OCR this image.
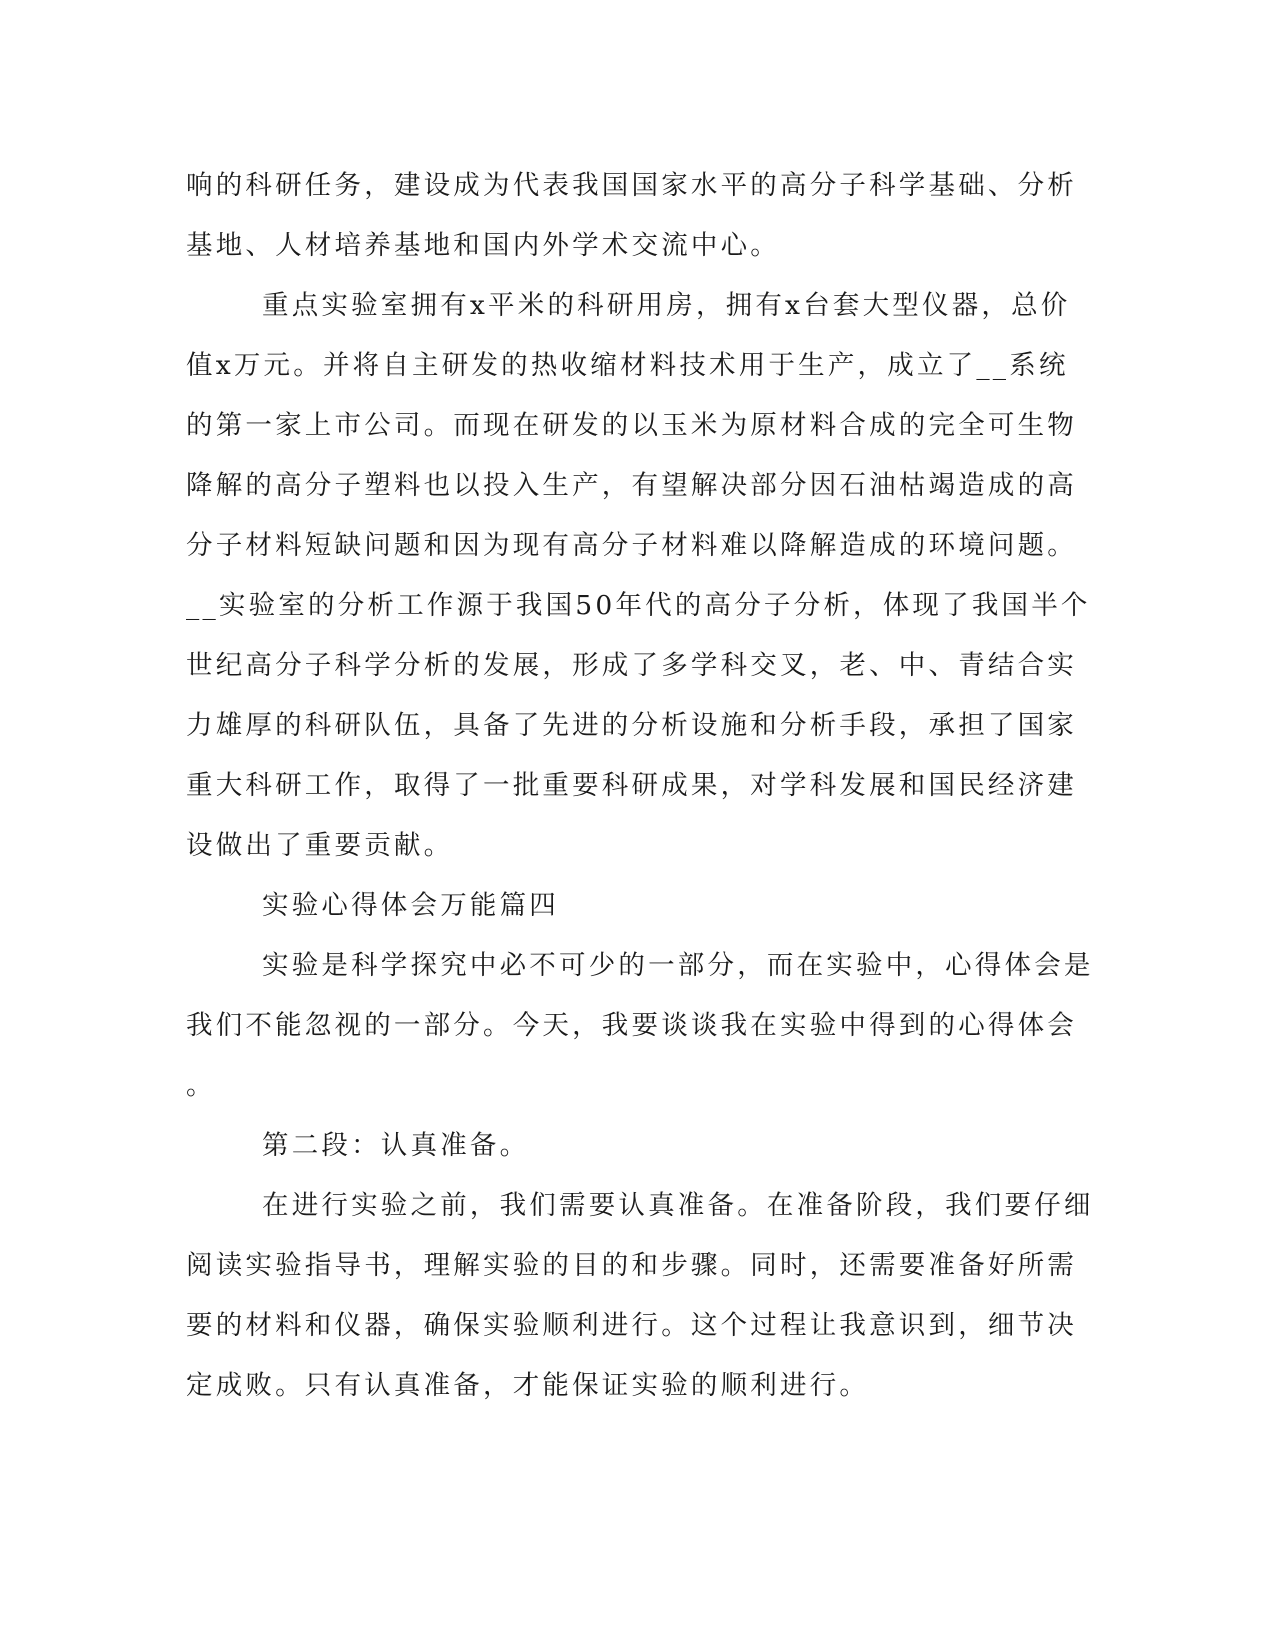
响的科研任务，建设成为代表我国国家水平的高分子科学基础、分析
基地、人材培养基地和国内外学术交流中心。
重点实验室拥有x平米的科研用房，拥有x台套大型仪器，总价
值x万元。并将自主研发的热收缩材料技术用于生产，成立了__系统
的第一家上市公司。而现在研发的以玉米为原材料合成的完全可生物
降解的高分子塑料也以投入生产，有望解决部分因石油枯竭造成的高
分子材料短缺问题和因为现有高分子材料难以降解造成的环境问题。
__实验室的分析工作源于我国50年代的高分子分析，体现了我国半个
世纪高分子科学分析的发展，形成了多学科交叉，老、中、青结合实
力雄厚的科研队伍，具备了先进的分析设施和分析手段，承担了国家
重大科研工作，取得了一批重要科研成果，对学科发展和国民经济建
设做出了重要贡献。
实验心得体会万能篇四
实验是科学探究中必不可少的一部分，而在实验中，心得体会是
我们不能忽视的一部分。今天，我要谈谈我在实验中得到的心得体会
。
第二段：认真准备。
在进行实验之前，我们需要认真准备。在准备阶段，我们要仔细
阅读实验指导书，理解实验的目的和步骤。同时，还需要准备好所需
要的材料和仪器，确保实验顺利进行。这个过程让我意识到，细节决
定成败。只有认真准备，才能保证实验的顺利进行。
